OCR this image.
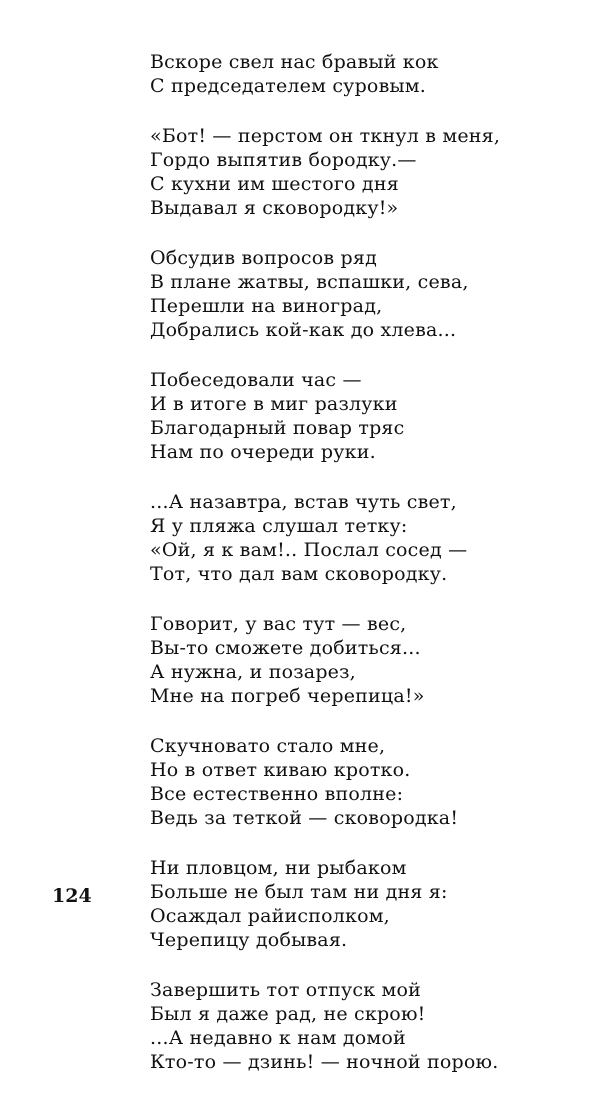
Вскоре свел нас бравый кок
С председателем суровым.
«Бот! — перстом он ткнул в меня,
Гордо выпятив бородку.—
С кухни им шестого дня
Выдавал я сковородку!»
Обсудив вопросов ряд
В плане жатвы, вспашки, сева,
Перешли на виноград,
Добрались кой-как до хлева...
Побеседовали час —
И в итоге в миг разлуки
Благодарный повар тряс
Нам по очереди руки.
...А назавтра, встав чуть свет,
Я у пляжа слушал тетку:
«Ой, я к вам!.. Послал сосед —
Тот, что дал вам сковородку.
Говорит, у вас тут — вес,
Вы-то сможете добиться...
А нужна, и позарез,
Мне на погреб черепица!»
Скучновато стало мне,
Но в ответ киваю кротко.
Все естественно вполне:
Ведь за теткой — сковородка!
Ни пловцом, ни рыбаком
Больше не был там ни дня я:
Осаждал райисполком,
Черепицу добывая.
Завершить тот отпуск мой
Был я даже рад, не скрою!
...А недавно к нам домой
Кто-то — дзинь! — ночной порою.
124
